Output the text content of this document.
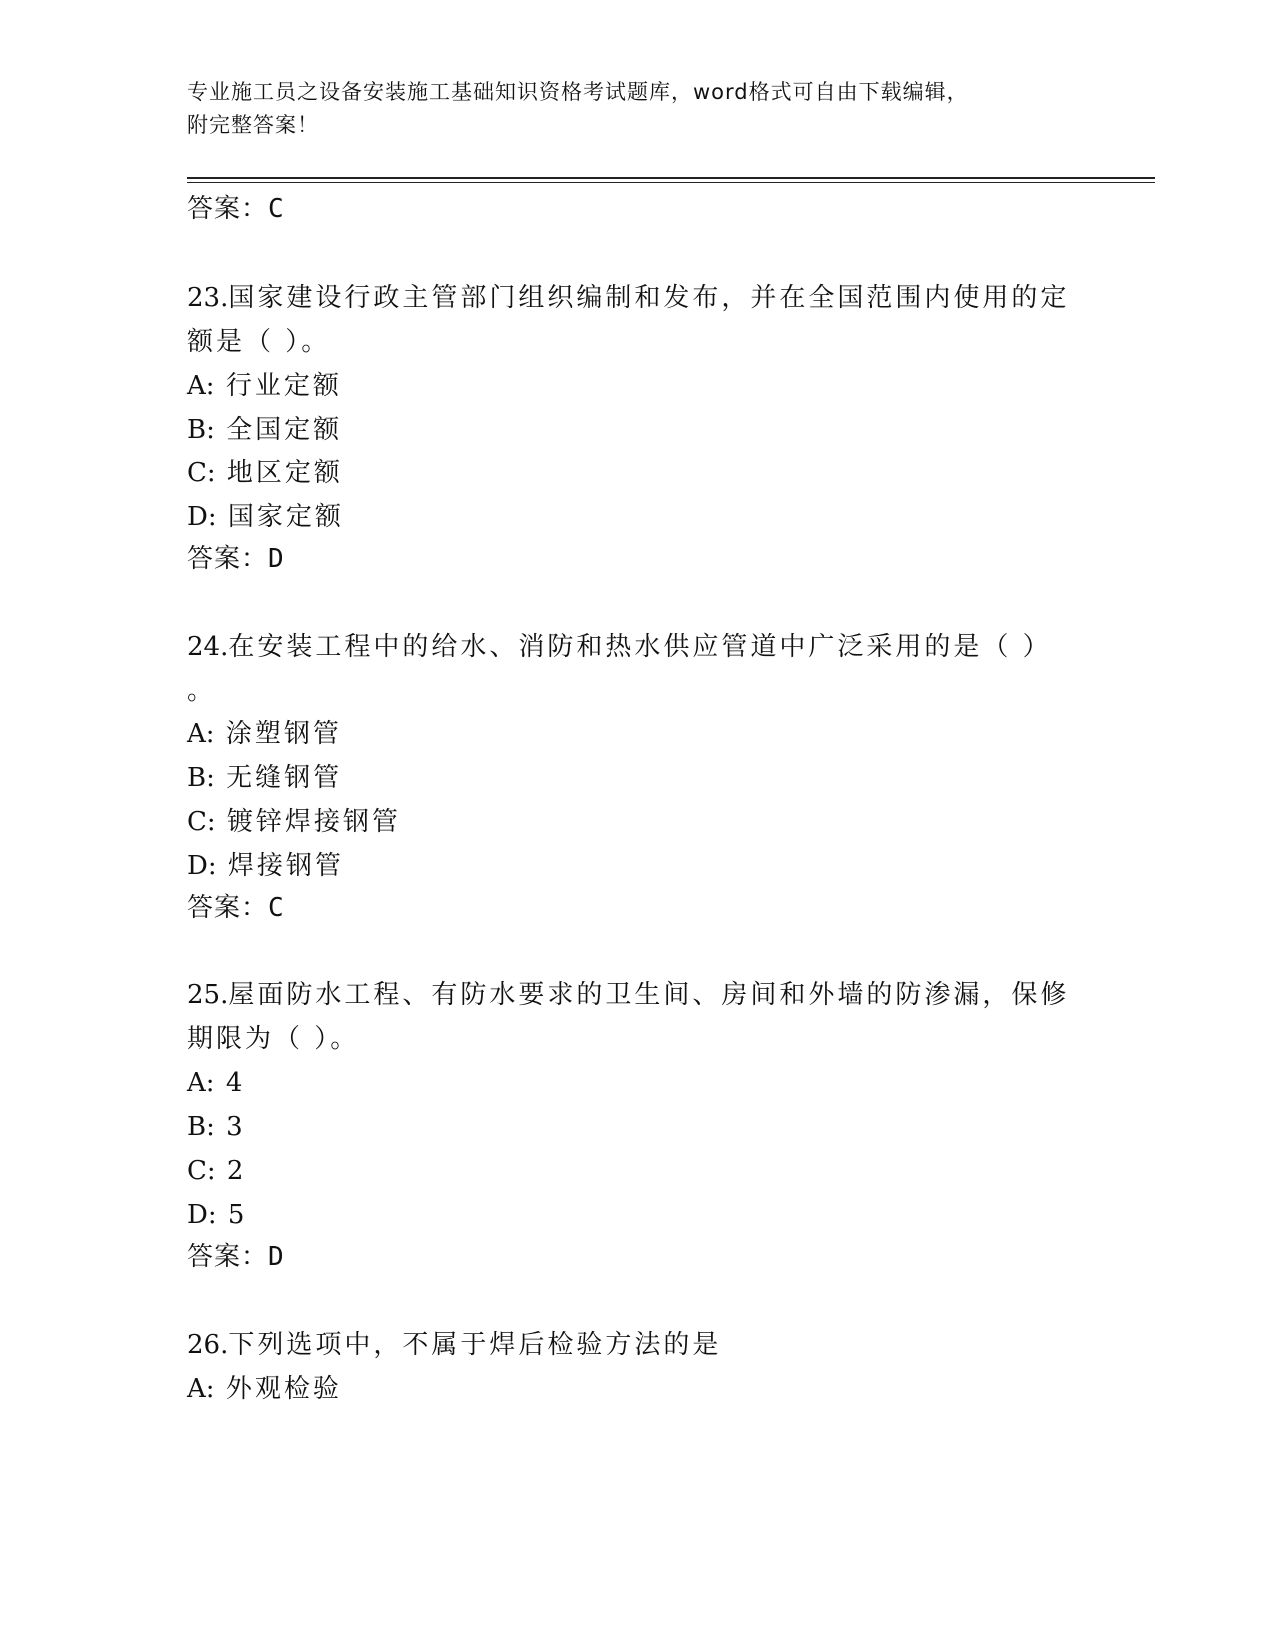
专业施工员之设备安装施工基础知识资格考试题库，word格式可自由下载编辑，
附完整答案！
答案：C
23.国家建设行政主管部门组织编制和发布，并在全国范围内使用的定
额是（ ）。
A: 行业定额
B: 全国定额
C: 地区定额
D: 国家定额
答案：D
24.在安装工程中的给水、消防和热水供应管道中广泛采用的是（ ）
。
A: 涂塑钢管
B: 无缝钢管
C: 镀锌焊接钢管
D: 焊接钢管
答案：C
25.屋面防水工程、有防水要求的卫生间、房间和外墙的防渗漏，保修
期限为（ ）。
A: 4
B: 3
C: 2
D: 5
答案：D
26.下列选项中，不属于焊后检验方法的是
A: 外观检验
